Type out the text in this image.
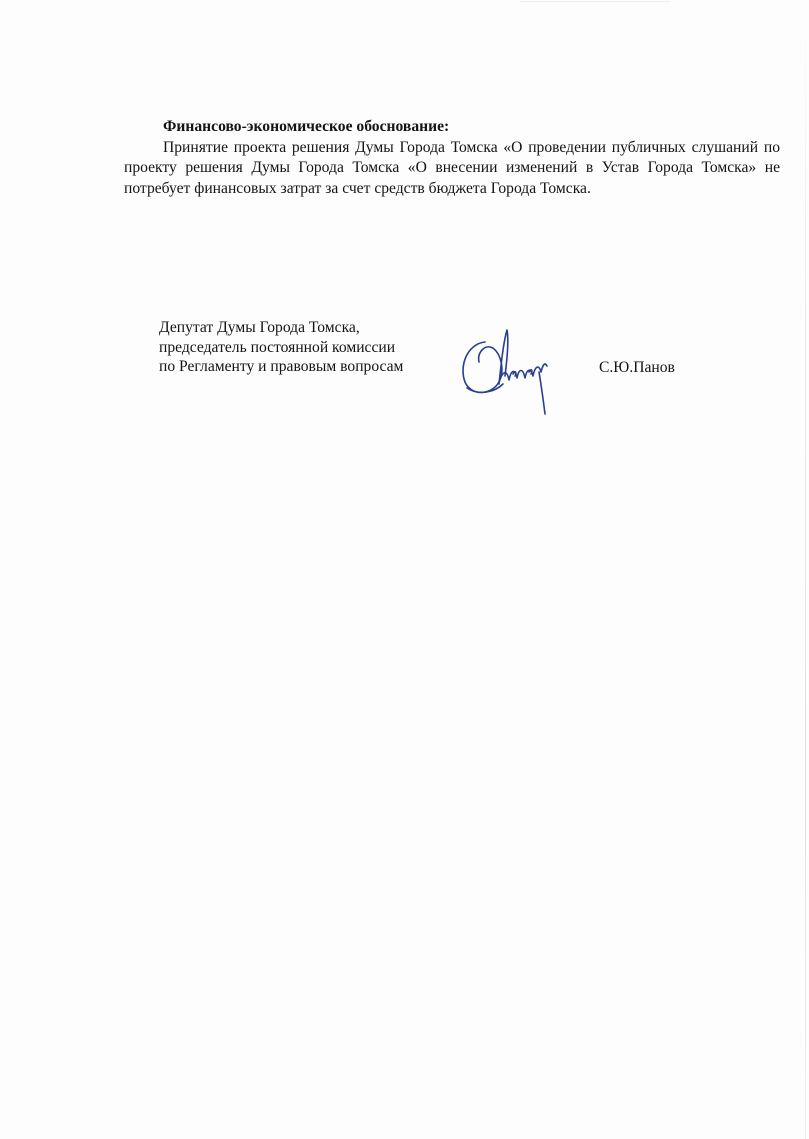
Финансово-экономическое обоснование:
Принятие проекта решения Думы Города Томска «О проведении публичных слушаний по проекту решения Думы Города Томска «О внесении изменений в Устав Города Томска» не потребует финансовых затрат за счет средств бюджета Города Томска.
Депутат Думы Города Томска,
председатель постоянной комиссии
по Регламенту и правовым вопросам	С.Ю.Панов
